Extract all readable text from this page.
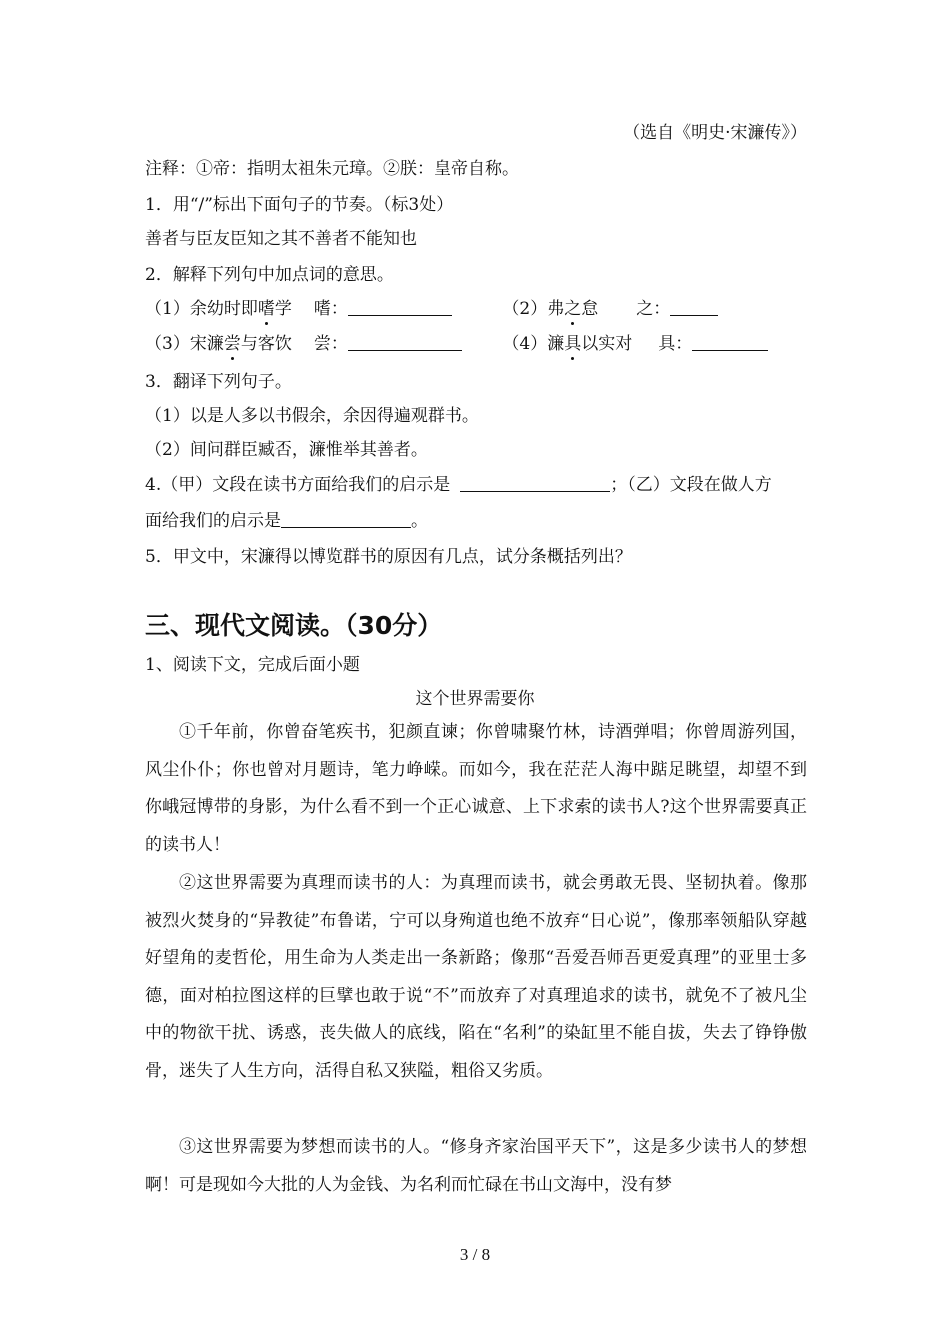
（选自《明史·宋濂传》）
注释：①帝：指明太祖朱元璋。②朕：皇帝自称。
1．用“/”标出下面句子的节奏。（标3处）
善者与臣友臣知之其不善者不能知也
2．解释下列句中加点词的意思。
（1）余幼时即嗜学 嗜：	（2）弗之怠 之：
（3）宋濂尝与客饮 尝：	（4）濂具以实对 具：
3．翻译下列句子。
（1）以是人多以书假余，余因得遍观群书。
（2）间问群臣臧否，濂惟举其善者。
4.（甲）文段在读书方面给我们的启示是	；（乙）文段在做人方
面给我们的启示是	。
5．甲文中，宋濂得以博览群书的原因有几点，试分条概括列出？
三、现代文阅读。（30分）
1、阅读下文，完成后面小题
这个世界需要你
①千年前，你曾奋笔疾书，犯颜直谏；你曾啸聚竹林，诗酒弹唱；你曾周游列国，风尘仆仆；你也曾对月题诗，笔力峥嵘。而如今，我在茫茫人海中踮足眺望，却望不到你峨冠博带的身影，为什么看不到一个正心诚意、上下求索的读书人?这个世界需要真正的读书人！
②这世界需要为真理而读书的人：为真理而读书，就会勇敢无畏、坚韧执着。像那被烈火焚身的“异教徒”布鲁诺，宁可以身殉道也绝不放弃“日心说”，像那率领船队穿越好望角的麦哲伦，用生命为人类走出一条新路；像那“吾爱吾师吾更爱真理”的亚里士多德，面对柏拉图这样的巨擘也敢于说“不”而放弃了对真理追求的读书，就免不了被凡尘中的物欲干扰、诱惑，丧失做人的底线，陷在“名利”的染缸里不能自拔，失去了铮铮傲骨，迷失了人生方向，活得自私又狭隘，粗俗又劣质。
③这世界需要为梦想而读书的人。“修身齐家治国平天下”，这是多少读书人的梦想啊！可是现如今大批的人为金钱、为名利而忙碌在书山文海中，没有梦
3 / 8
